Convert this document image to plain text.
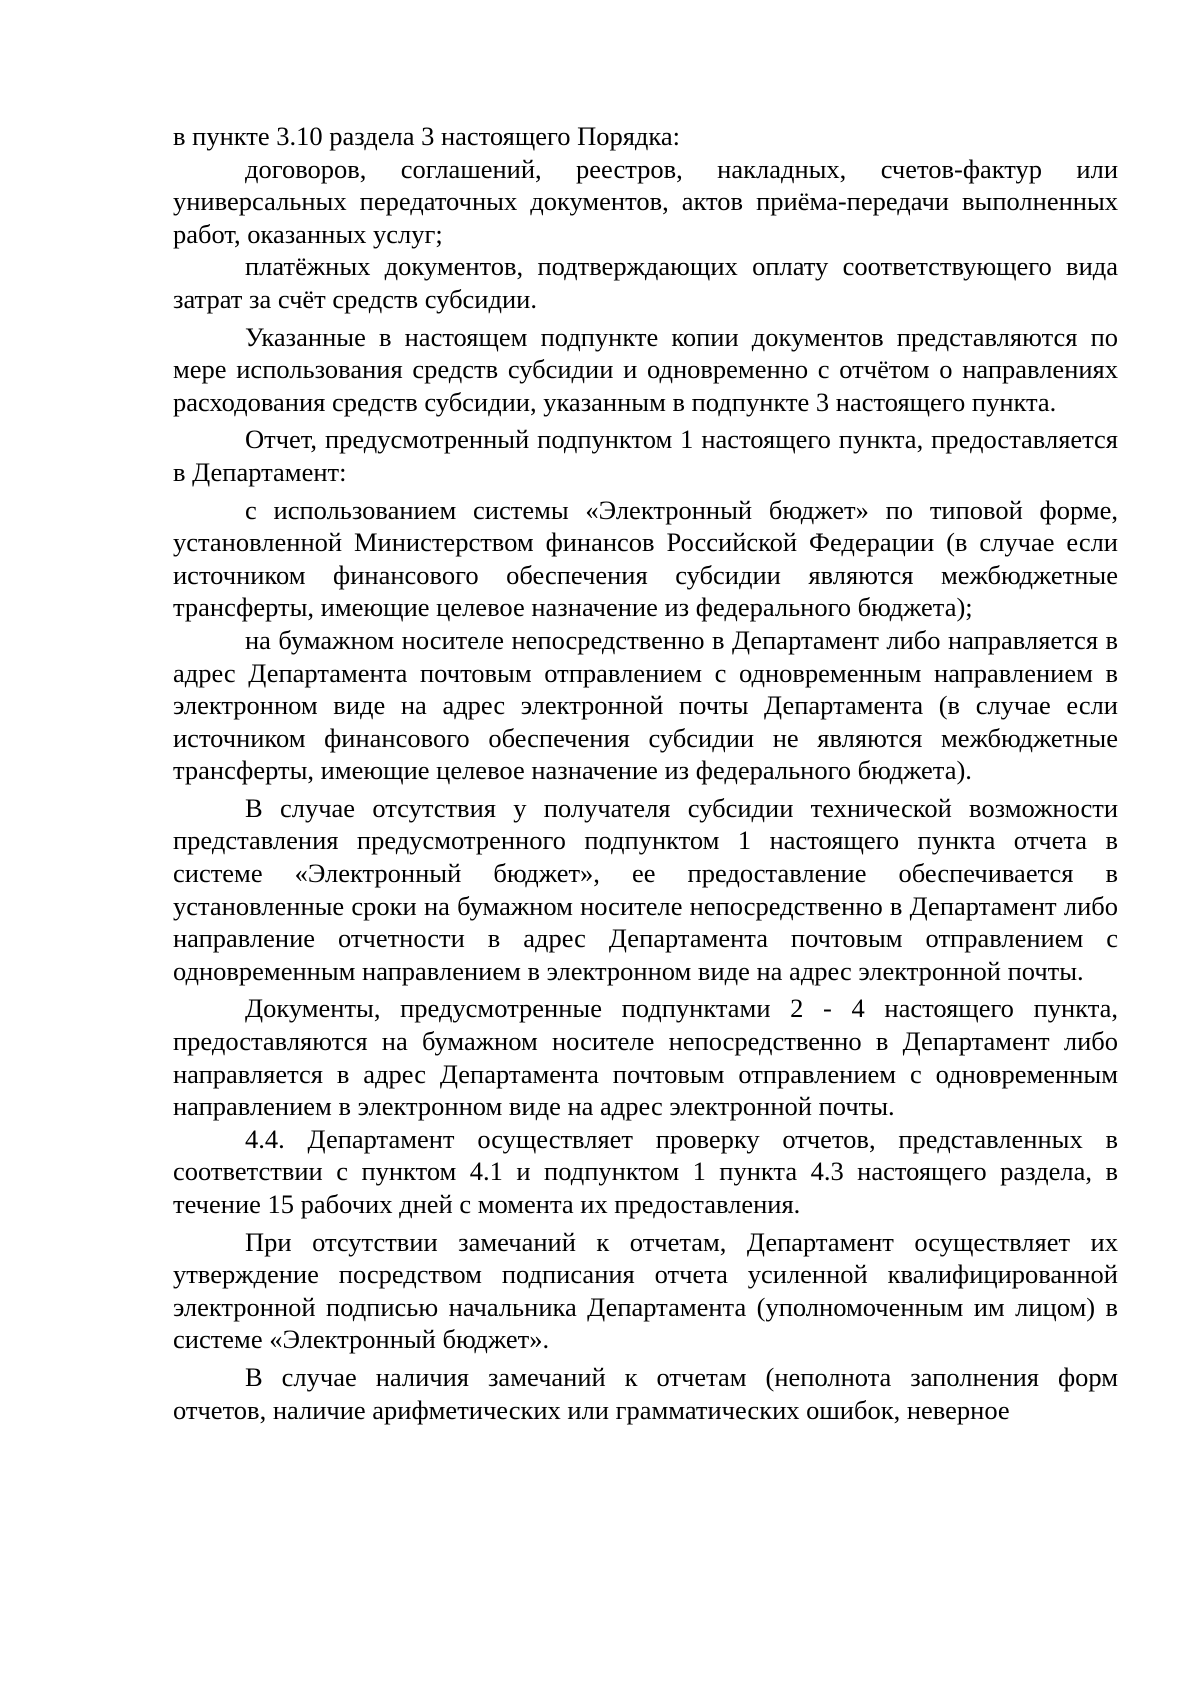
в пункте 3.10 раздела 3 настоящего Порядка:

договоров, соглашений, реестров, накладных, счетов-фактур или универсальных передаточных документов, актов приёма-передачи выполненных работ, оказанных услуг;

платёжных документов, подтверждающих оплату соответствующего вида затрат за счёт средств субсидии.

Указанные в настоящем подпункте копии документов представляются по мере использования средств субсидии и одновременно с отчётом о направлениях расходования средств субсидии, указанным в подпункте 3 настоящего пункта.

Отчет, предусмотренный подпунктом 1 настоящего пункта, предоставляется в Департамент:

с использованием системы «Электронный бюджет» по типовой форме, установленной Министерством финансов Российской Федерации (в случае если источником финансового обеспечения субсидии являются межбюджетные трансферты, имеющие целевое назначение из федерального бюджета);

на бумажном носителе непосредственно в Департамент либо направляется в адрес Департамента почтовым отправлением с одновременным направлением в электронном виде на адрес электронной почты Департамента (в случае если источником финансового обеспечения субсидии не являются межбюджетные трансферты, имеющие целевое назначение из федерального бюджета).

В случае отсутствия у получателя субсидии технической возможности представления предусмотренного подпунктом 1 настоящего пункта отчета в системе «Электронный бюджет», ее предоставление обеспечивается в установленные сроки на бумажном носителе непосредственно в Департамент либо направление отчетности в адрес Департамента почтовым отправлением с одновременным направлением в электронном виде на адрес электронной почты.

Документы, предусмотренные подпунктами 2 - 4 настоящего пункта, предоставляются на бумажном носителе непосредственно в Департамент либо направляется в адрес Департамента почтовым отправлением с одновременным направлением в электронном виде на адрес электронной почты.

4.4. Департамент осуществляет проверку отчетов, представленных в соответствии с пунктом 4.1 и подпунктом 1 пункта 4.3 настоящего раздела, в течение 15 рабочих дней с момента их предоставления.

При отсутствии замечаний к отчетам, Департамент осуществляет их утверждение посредством подписания отчета усиленной квалифицированной электронной подписью начальника Департамента (уполномоченным им лицом) в системе «Электронный бюджет».

В случае наличия замечаний к отчетам (неполнота заполнения форм отчетов, наличие арифметических или грамматических ошибок, неверное
